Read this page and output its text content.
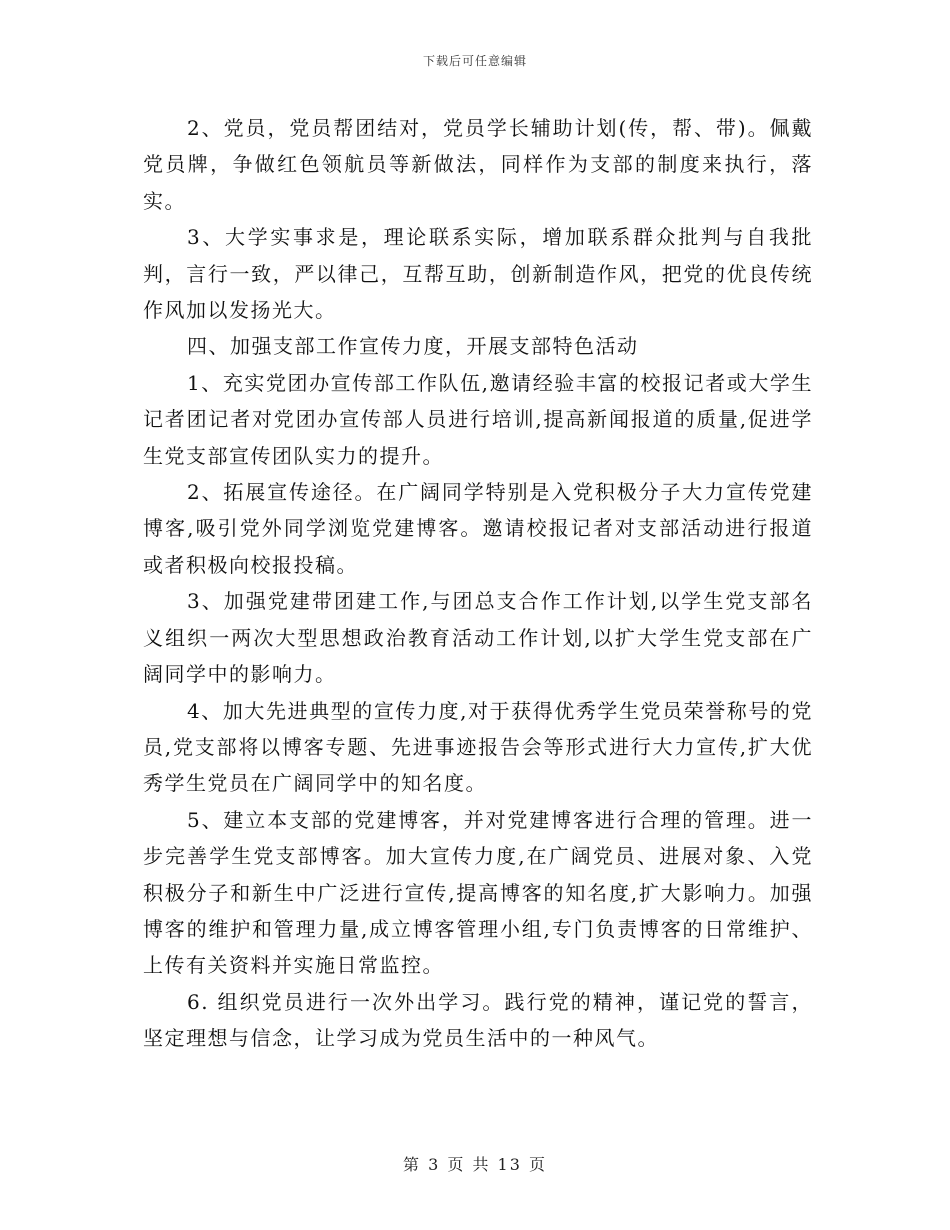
下载后可任意编辑

2、党员，党员帮团结对，党员学长辅助计划(传，帮、带)。佩戴党员牌，争做红色领航员等新做法，同样作为支部的制度来执行，落实。

3、大学实事求是，理论联系实际，增加联系群众批判与自我批判，言行一致，严以律己，互帮互助，创新制造作风，把党的优良传统作风加以发扬光大。

四、加强支部工作宣传力度，开展支部特色活动

1、充实党团办宣传部工作队伍,邀请经验丰富的校报记者或大学生记者团记者对党团办宣传部人员进行培训,提高新闻报道的质量,促进学生党支部宣传团队实力的提升。

2、拓展宣传途径。在广阔同学特别是入党积极分子大力宣传党建博客,吸引党外同学浏览党建博客。邀请校报记者对支部活动进行报道或者积极向校报投稿。

3、加强党建带团建工作,与团总支合作工作计划,以学生党支部名义组织一两次大型思想政治教育活动工作计划,以扩大学生党支部在广阔同学中的影响力。

4、加大先进典型的宣传力度,对于获得优秀学生党员荣誉称号的党员,党支部将以博客专题、先进事迹报告会等形式进行大力宣传,扩大优秀学生党员在广阔同学中的知名度。

5、建立本支部的党建博客，并对党建博客进行合理的管理。进一步完善学生党支部博客。加大宣传力度,在广阔党员、进展对象、入党积极分子和新生中广泛进行宣传,提高博客的知名度,扩大影响力。加强博客的维护和管理力量,成立博客管理小组,专门负责博客的日常维护、上传有关资料并实施日常监控。

6. 组织党员进行一次外出学习。践行党的精神，谨记党的誓言，坚定理想与信念，让学习成为党员生活中的一种风气。

第 3 页 共 13 页
